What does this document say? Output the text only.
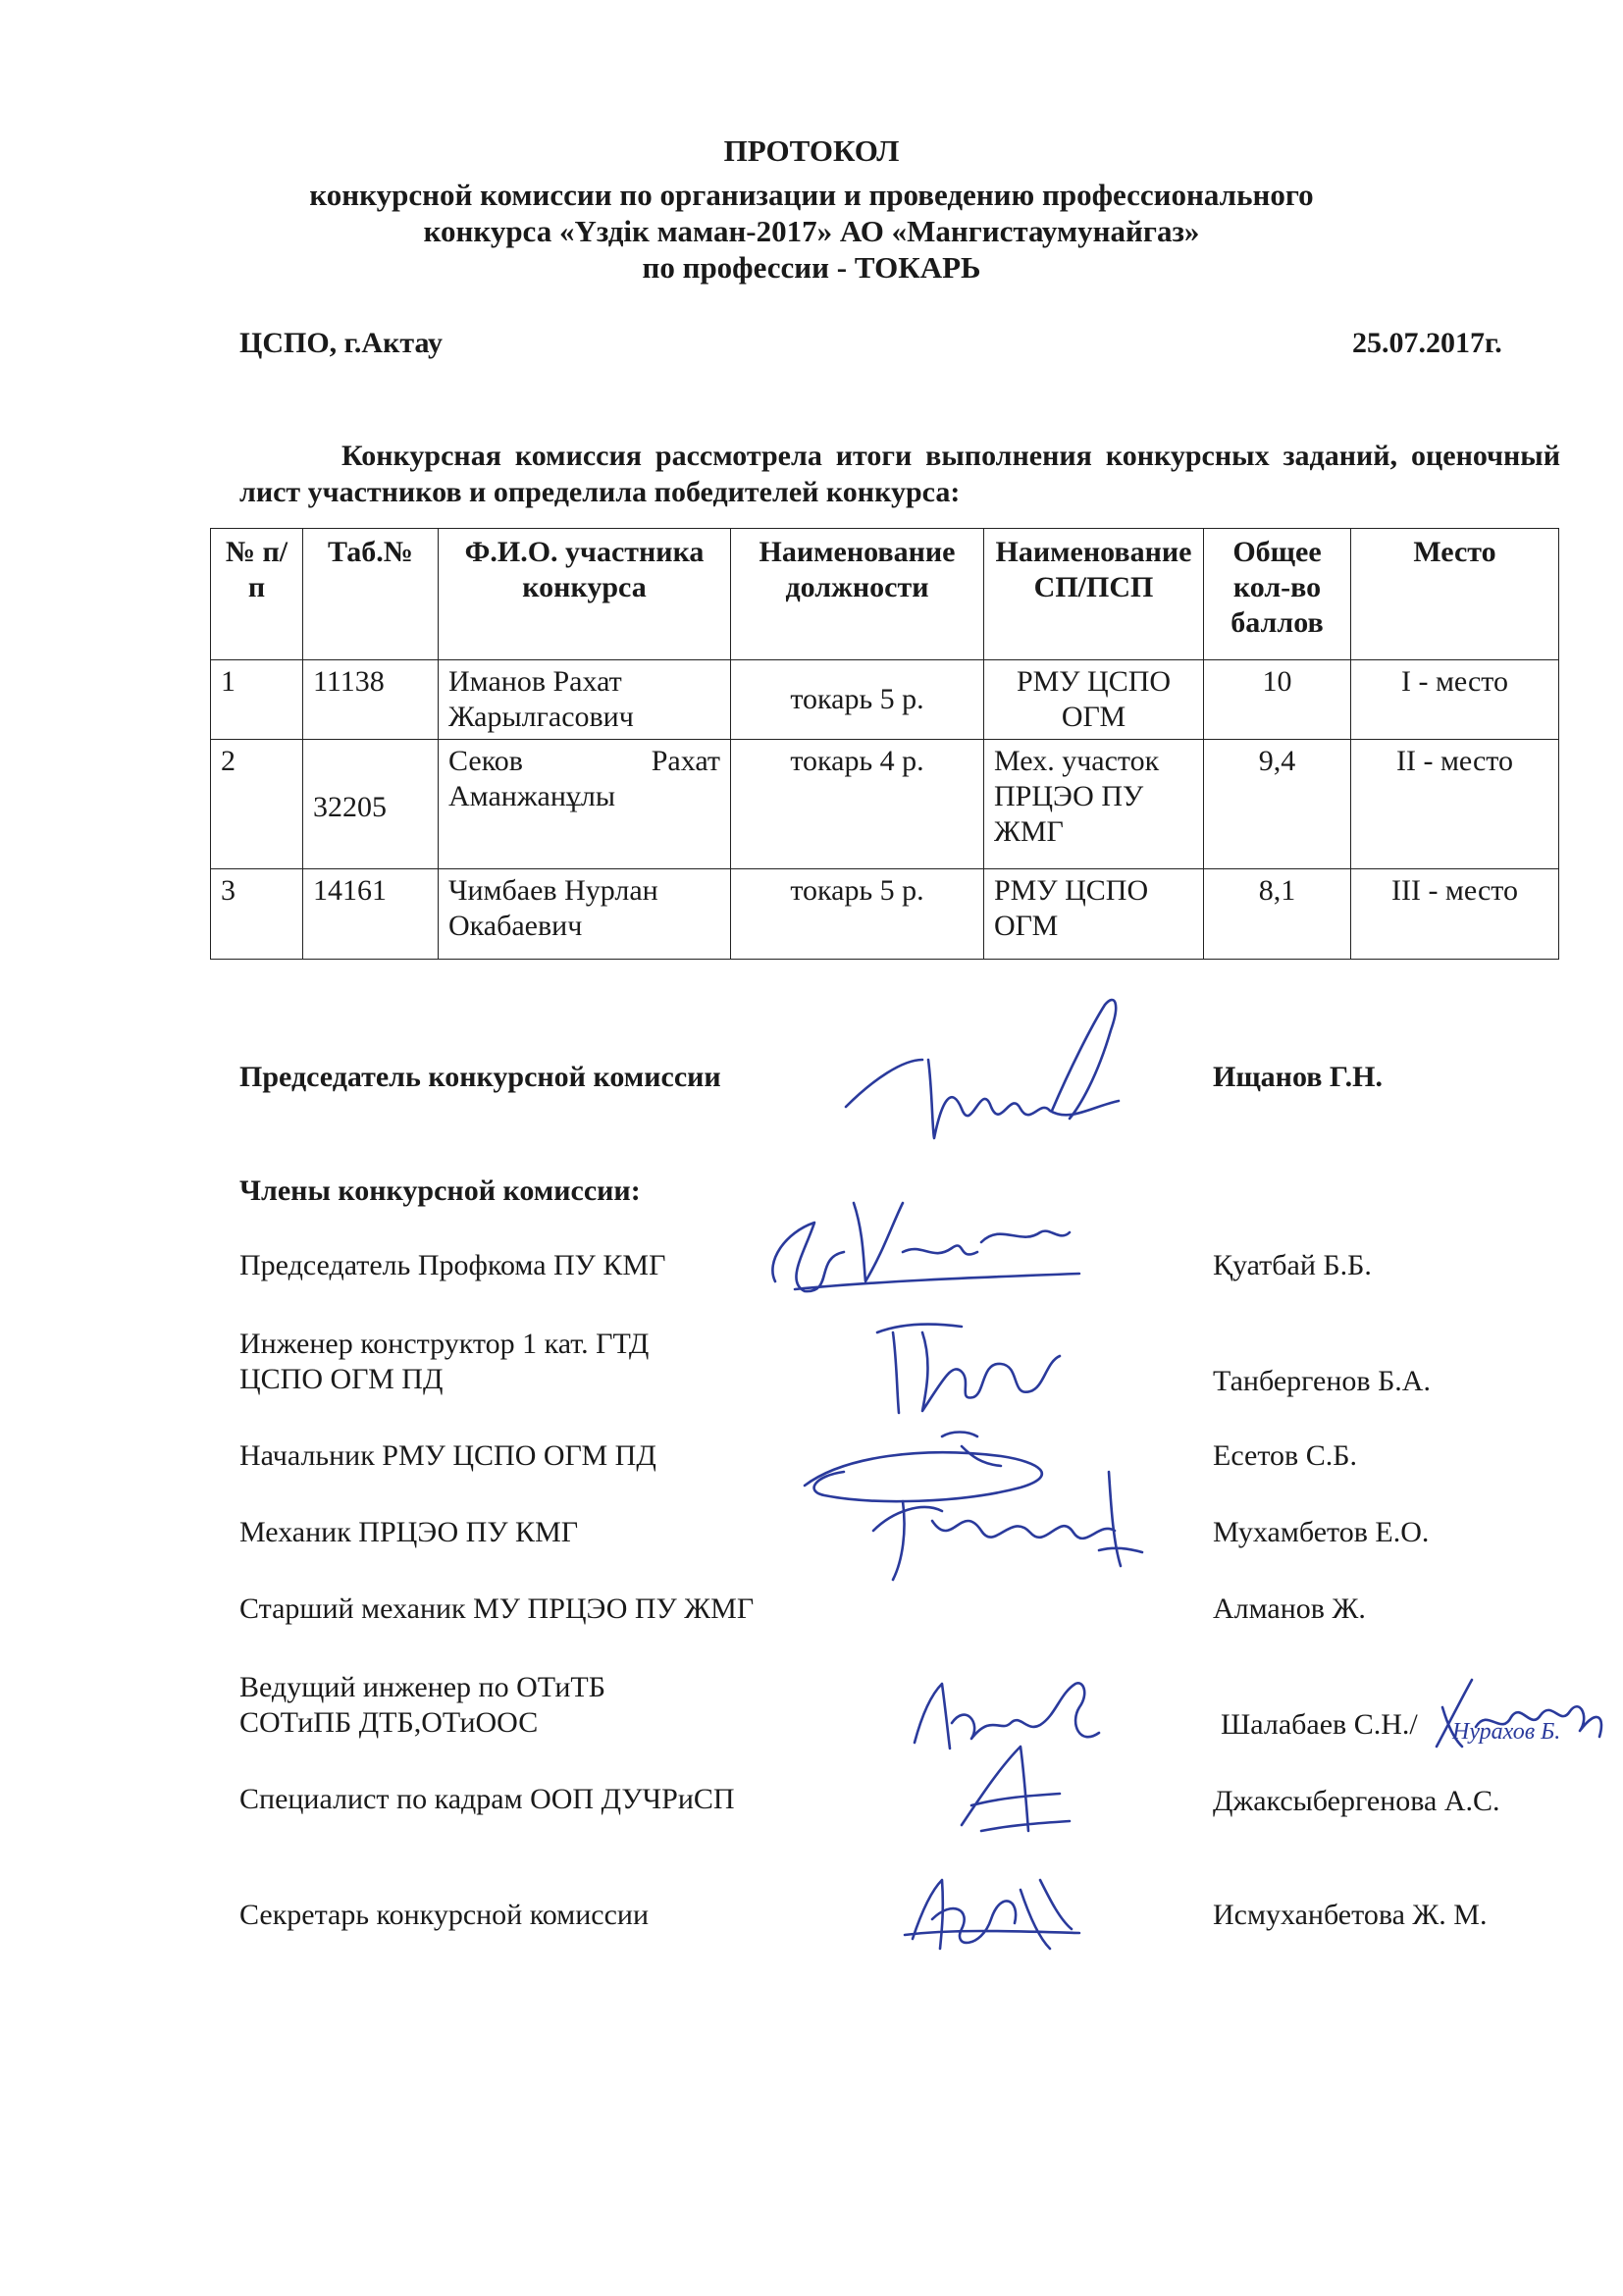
ПРОТОКОЛ
конкурсной комиссии по организации и проведению профессионального
конкурса «Үздік маман-2017» АО «Мангистаумунайгаз»
по профессии - ТОКАРЬ
ЦСПО, г.Актау	25.07.2017г.
Конкурсная комиссия рассмотрела итоги выполнения конкурсных заданий, оценочный лист участников и определила победителей конкурса:
№ п/п	Таб.№	Ф.И.О. участника конкурса	Наименование должности	Наименование СП/ПСП	Общее кол-во баллов	Место
1	11138	Иманов Рахат Жарылгасович	токарь 5 р.	РМУ ЦСПО ОГМ	10	I - место
2	32205	Секов Рахат Аманжанұлы	токарь 4 р.	Мех. участок ПРЦЭО ПУ ЖМГ	9,4	II - место
3	14161	Чимбаев Нурлан Окабаевич	токарь 5 р.	РМУ ЦСПО ОГМ	8,1	III - место
Председатель конкурсной комиссии	Ищанов Г.Н.
Члены конкурсной комиссии:
Председатель Профкома ПУ КМГ	Қуатбай Б.Б.
Инженер конструктор 1 кат. ГТД
ЦСПО ОГМ ПД	Танбергенов Б.А.
Начальник РМУ ЦСПО ОГМ ПД	Есетов С.Б.
Механик ПРЦЭО ПУ КМГ	Мухамбетов Е.О.
Старший механик МУ ПРЦЭО ПУ ЖМГ	Алманов Ж.
Ведущий инженер по ОТиТБ
СОТиПБ ДТБ,ОТиООС	Шалабаев С.Н./
Специалист по кадрам ООП ДУЧРиСП	Джаксыбергенова А.С.
Секретарь конкурсной комиссии	Исмуханбетова Ж. М.
Нурахов Б.
